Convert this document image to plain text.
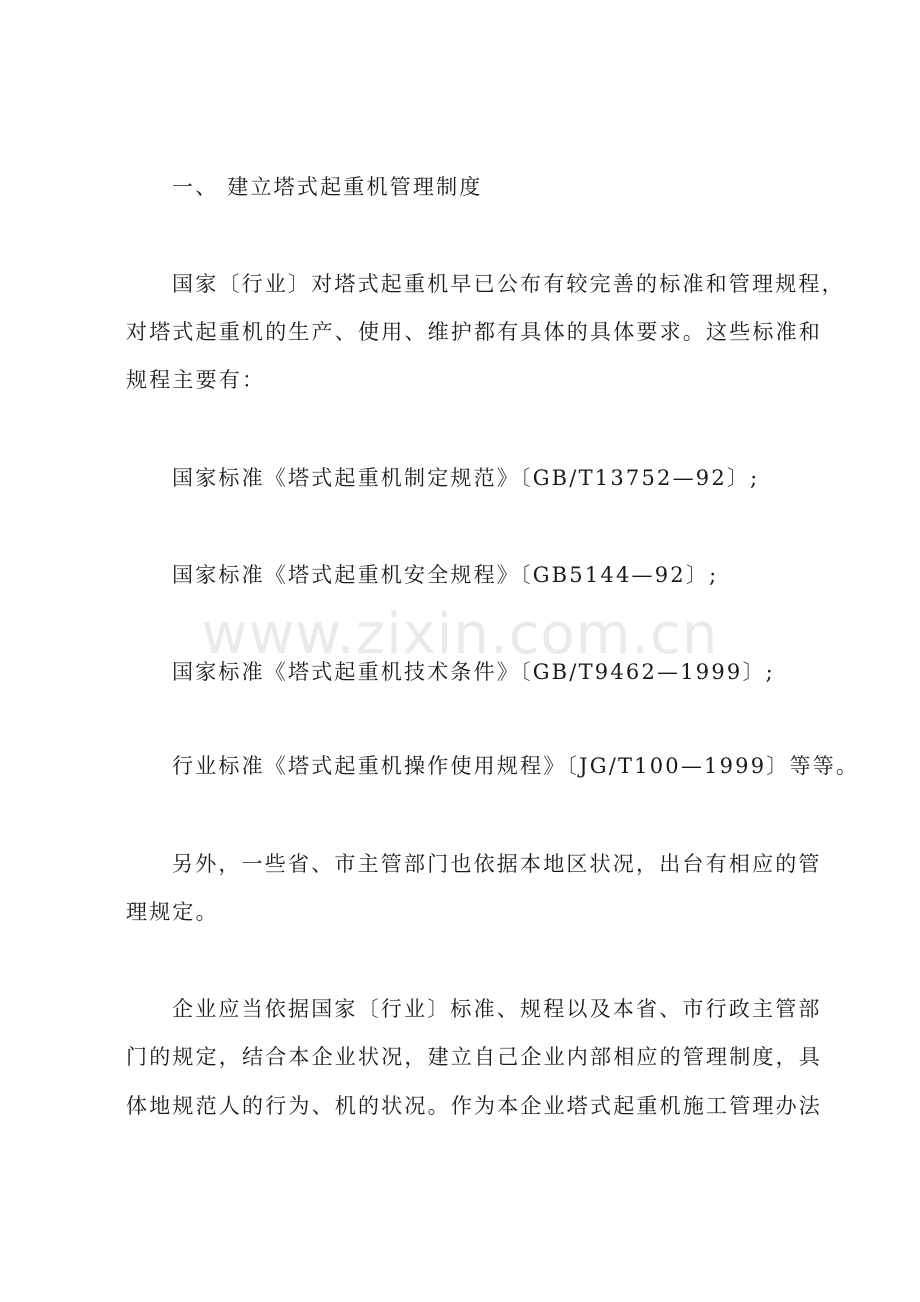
一、 建立塔式起重机管理制度
国家〔行业〕对塔式起重机早已公布有较完善的标准和管理规程，
对塔式起重机的生产、使用、维护都有具体的具体要求。这些标准和
规程主要有：
国家标准《塔式起重机制定规范》〔GB/T13752—92〕;
国家标准《塔式起重机安全规程》〔GB5144—92〕;
国家标准《塔式起重机技术条件》〔GB/T9462—1999〕;
行业标准《塔式起重机操作使用规程》〔JG/T100—1999〕等等。
另外，一些省、市主管部门也依据本地区状况，出台有相应的管
理规定。
企业应当依据国家〔行业〕标准、规程以及本省、市行政主管部
门的规定，结合本企业状况，建立自己企业内部相应的管理制度，具
体地规范人的行为、机的状况。作为本企业塔式起重机施工管理办法
www.zixin.com.cn
